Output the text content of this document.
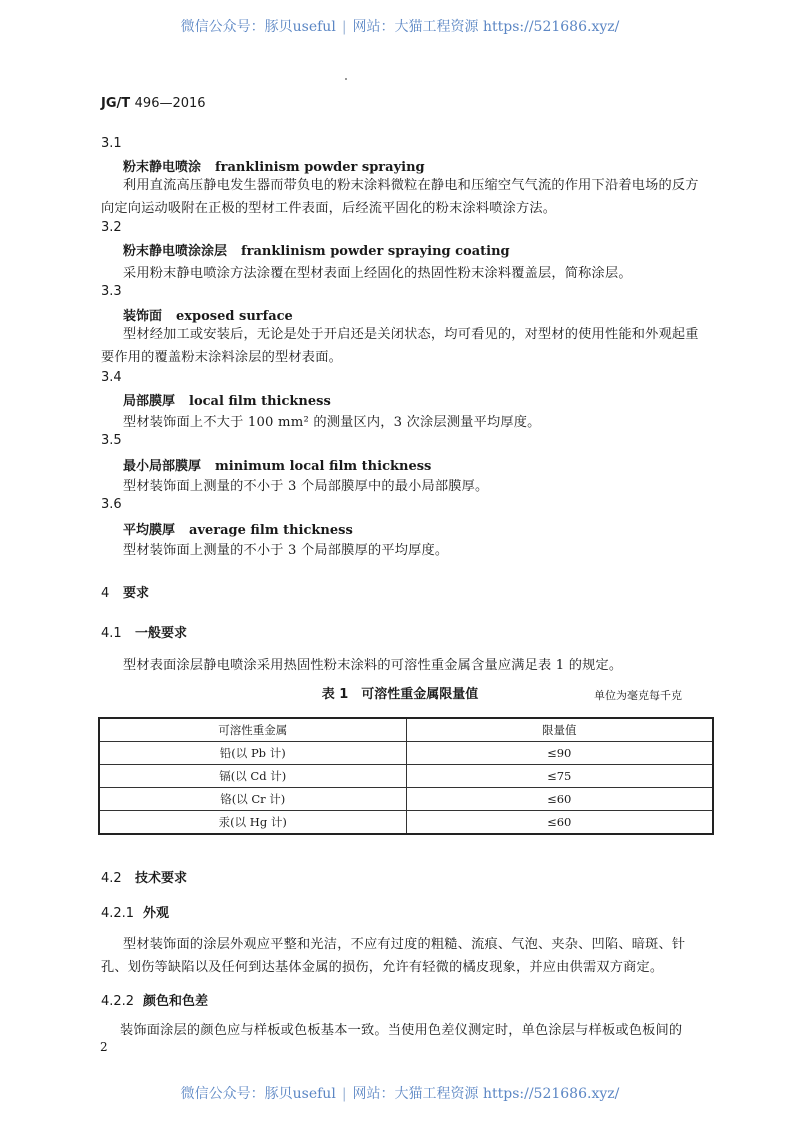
微信公众号：豚贝useful | 网站：大猫工程资源 https://521686.xyz/
JG/T 496—2016
3.1
粉末静电喷涂 franklinism powder spraying
利用直流高压静电发生器而带负电的粉末涂料微粒在静电和压缩空气气流的作用下沿着电场的反方向定向运动吸附在正极的型材工件表面，后经流平固化的粉末涂料喷涂方法。
3.2
粉末静电喷涂涂层 franklinism powder spraying coating
采用粉末静电喷涂方法涂覆在型材表面上经固化的热固性粉末涂料覆盖层，简称涂层。
3.3
装饰面 exposed surface
型材经加工或安装后，无论是处于开启还是关闭状态，均可看见的，对型材的使用性能和外观起重要作用的覆盖粉末涂料涂层的型材表面。
3.4
局部膜厚 local film thickness
型材装饰面上不大于 100 mm² 的测量区内，3 次涂层测量平均厚度。
3.5
最小局部膜厚 minimum local film thickness
型材装饰面上测量的不小于 3 个局部膜厚中的最小局部膜厚。
3.6
平均膜厚 average film thickness
型材装饰面上测量的不小于 3 个局部膜厚的平均厚度。
4 要求
4.1 一般要求
型材表面涂层静电喷涂采用热固性粉末涂料的可溶性重金属含量应满足表 1 的规定。
表 1　可溶性重金属限量值	单位为毫克每千克
可溶性重金属	限量值
铅(以 Pb 计)	≤90
镉(以 Cd 计)	≤75
铬(以 Cr 计)	≤60
汞(以 Hg 计)	≤60
4.2 技术要求
4.2.1 外观
型材装饰面的涂层外观应平整和光洁，不应有过度的粗糙、流痕、气泡、夹杂、凹陷、暗斑、针孔、划伤等缺陷以及任何到达基体金属的损伤，允许有轻微的橘皮现象，并应由供需双方商定。
4.2.2 颜色和色差
装饰面涂层的颜色应与样板或色板基本一致。当使用色差仪测定时，单色涂层与样板或色板间的
2
微信公众号：豚贝useful | 网站：大猫工程资源 https://521686.xyz/
